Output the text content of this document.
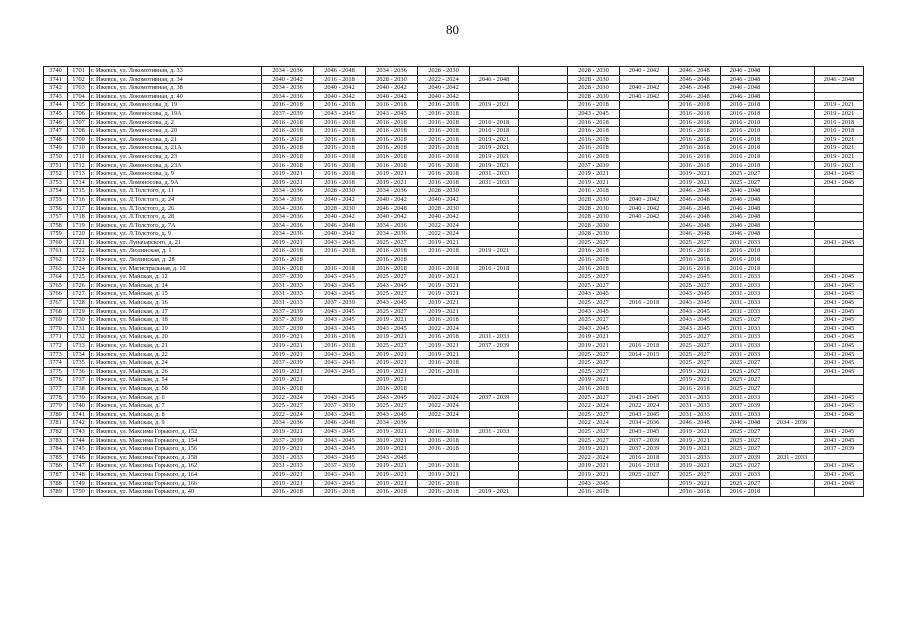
80
3740	1701	г. Ижевск, ул. Локомотивная, д. 33	2034 - 2036	2046 - 2048	2034 - 2036	2028 - 2030			2028 - 2030	2040 - 2042	2046 - 2048	2046 - 2048		
3741	1702	г. Ижевск, ул. Локомотивная, д. 34	2040 - 2042	2016 - 2018	2028 - 2030	2022 - 2024	2046 - 2048		2028 - 2030		2046 - 2048	2046 - 2048		2046 - 2048
3742	1703	г. Ижевск, ул. Локомотивная, д. 38	2034 - 2036	2040 - 2042	2040 - 2042	2040 - 2042			2028 - 2030	2040 - 2042	2046 - 2048	2046 - 2048		
3743	1704	г. Ижевск, ул. Локомотивная, д. 40	2034 - 2036	2040 - 2042	2040 - 2042	2040 - 2042			2028 - 2030	2040 - 2042	2046 - 2048	2046 - 2048		
3744	1705	г. Ижевск, ул. Ломоносова, д. 19	2016 - 2018	2016 - 2018	2016 - 2018	2016 - 2018	2019 - 2021		2016 - 2018		2016 - 2018	2016 - 2018		2019 - 2021
3745	1706	г. Ижевск, ул. Ломоносова, д. 19А	2037 - 2039	2043 - 2045	2043 - 2045	2016 - 2018			2043 - 2045		2016 - 2018	2016 - 2018		2019 - 2021
3746	1707	г. Ижевск, ул. Ломоносова, д. 2	2016 - 2018	2016 - 2018	2016 - 2018	2016 - 2018	2016 - 2018		2016 - 2018		2016 - 2018	2016 - 2018		2016 - 2018
3747	1708	г. Ижевск, ул. Ломоносова, д. 20	2016 - 2018	2016 - 2018	2016 - 2018	2016 - 2018	2016 - 2018		2016 - 2018		2016 - 2018	2016 - 2018		2016 - 2018
3748	1709	г. Ижевск, ул. Ломоносова, д. 21	2016 - 2018	2016 - 2018	2016 - 2018	2016 - 2018	2019 - 2021		2016 - 2018		2016 - 2018	2016 - 2018		2019 - 2021
3749	1710	г. Ижевск, ул. Ломоносова, д. 21А	2016 - 2018	2016 - 2018	2016 - 2018	2016 - 2018	2019 - 2021		2016 - 2018		2016 - 2018	2016 - 2018		2019 - 2021
3750	1711	г. Ижевск, ул. Ломоносова, д. 23	2016 - 2018	2016 - 2018	2016 - 2018	2016 - 2018	2019 - 2021		2016 - 2018		2016 - 2018	2016 - 2018		2019 - 2021
3751	1712	г. Ижевск, ул. Ломоносова, д. 23А	2016 - 2018	2016 - 2018	2016 - 2018	2016 - 2018	2019 - 2021		2037 - 2039		2016 - 2018	2016 - 2018		2019 - 2021
3752	1713	г. Ижевск, ул. Ломоносова, д. 9	2019 - 2021	2016 - 2018	2019 - 2021	2016 - 2018	2031 - 2033		2019 - 2021		2019 - 2021	2025 - 2027		2043 - 2045
3753	1714	г. Ижевск, ул. Ломоносова, д. 9А	2019 - 2021	2016 - 2018	2019 - 2021	2016 - 2018	2031 - 2033		2019 - 2021		2019 - 2021	2025 - 2027		2043 - 2045
3754	1715	г. Ижевск, ул. Л.Толстого, д. 11	2034 - 2036	2028 - 2030	2034 - 2036	2028 - 2030			2016 - 2018		2046 - 2048	2046 - 2048		
3755	1716	г. Ижевск, ул. Л.Толстого, д. 24	2034 - 2036	2040 - 2042	2040 - 2042	2040 - 2042			2028 - 2030	2040 - 2042	2046 - 2048	2046 - 2048		
3756	1717	г. Ижевск, ул. Л.Толстого, д. 26	2034 - 2036	2028 - 2030	2046 - 2048	2028 - 2030			2028 - 2030	2040 - 2042	2046 - 2048	2046 - 2048		
3757	1718	г. Ижевск, ул. Л.Толстого, д. 28	2034 - 2036	2040 - 2042	2040 - 2042	2040 - 2042			2028 - 2030	2040 - 2042	2046 - 2048	2046 - 2048		
3758	1719	г. Ижевск, ул. Л.Толстого, д. 7А	2034 - 2036	2046 - 2048	2034 - 2036	2022 - 2024			2028 - 2030		2046 - 2048	2046 - 2048		
3759	1720	г. Ижевск, ул. Л.Толстого, д. 9	2034 - 2036	2040 - 2042	2034 - 2036	2022 - 2024			2028 - 2030		2046 - 2048	2046 - 2048		
3760	1721	г. Ижевск, ул. Луначарского, д. 21	2019 - 2021	2043 - 2045	2025 - 2027	2019 - 2021			2025 - 2027		2025 - 2027	2031 - 2033		2043 - 2045
3761	1722	г. Ижевск, ул. Люлинская, д. 1	2016 - 2018	2016 - 2018	2016 - 2018	2016 - 2018	2019 - 2021		2016 - 2018		2016 - 2018	2016 - 2018		
3762	1723	г. Ижевск, ул. Люлинская, д. 28	2016 - 2018		2016 - 2018				2016 - 2018		2016 - 2018	2016 - 2018		
3763	1724	г. Ижевск, ул. Магистральная, д. 10	2016 - 2018	2016 - 2018	2016 - 2018	2016 - 2018	2016 - 2018		2016 - 2018		2016 - 2018	2016 - 2018		
3764	1725	г. Ижевск, ул. Майская, д. 12	2037 - 2039	2043 - 2045	2025 - 2027	2019 - 2021			2025 - 2027		2043 - 2045	2031 - 2033		2043 - 2045
3765	1726	г. Ижевск, ул. Майская, д. 14	2031 - 2033	2043 - 2045	2043 - 2045	2019 - 2021			2025 - 2027		2025 - 2027	2031 - 2033		2043 - 2045
3766	1727	г. Ижевск, ул. Майская, д. 15	2031 - 2033	2043 - 2045	2025 - 2027	2019 - 2021			2043 - 2045		2043 - 2045	2031 - 2033		2043 - 2045
3767	1728	г. Ижевск, ул. Майская, д. 16	2031 - 2033	2037 - 2039	2043 - 2045	2019 - 2021			2025 - 2027	2016 - 2018	2043 - 2045	2031 - 2033		2043 - 2045
3768	1729	г. Ижевск, ул. Майская, д. 17	2037 - 2039	2043 - 2045	2025 - 2027	2019 - 2021			2043 - 2045		2043 - 2045	2031 - 2033		2043 - 2045
3769	1730	г. Ижевск, ул. Майская, д. 18	2037 - 2039	2043 - 2045	2019 - 2021	2016 - 2018			2025 - 2027		2043 - 2045	2025 - 2027		2043 - 2045
3770	1731	г. Ижевск, ул. Майская, д. 19	2037 - 2039	2043 - 2045	2043 - 2045	2022 - 2024			2043 - 2045		2043 - 2045	2031 - 2033		2043 - 2045
3771	1732	г. Ижевск, ул. Майская, д. 20	2019 - 2021	2016 - 2018	2019 - 2021	2016 - 2018	2031 - 2033		2019 - 2021		2025 - 2027	2031 - 2033		2043 - 2045
3772	1733	г. Ижевск, ул. Майская, д. 21	2019 - 2021	2016 - 2018	2025 - 2027	2019 - 2021	2037 - 2039		2019 - 2021	2016 - 2018	2025 - 2027	2031 - 2033		2043 - 2045
3773	1734	г. Ижевск, ул. Майская, д. 22	2019 - 2021	2043 - 2045	2019 - 2021	2019 - 2021			2025 - 2027	2014 - 2015	2025 - 2027	2031 - 2033		2043 - 2045
3774	1735	г. Ижевск, ул. Майская, д. 24	2037 - 2039	2043 - 2045	2019 - 2021	2016 - 2018			2025 - 2027		2025 - 2027	2025 - 2027		2043 - 2045
3775	1736	г. Ижевск, ул. Майская, д. 26	2019 - 2021	2043 - 2045	2019 - 2021	2016 - 2018			2025 - 2027		2019 - 2021	2025 - 2027		2043 - 2045
3776	1737	г. Ижевск, ул. Майская, д. 54	2019 - 2021		2019 - 2021				2019 - 2021		2019 - 2021	2025 - 2027		
3777	1738	г. Ижевск, ул. Майская, д. 58	2016 - 2018		2016 - 2018				2016 - 2018		2016 - 2018	2025 - 2027		
3778	1739	г. Ижевск, ул. Майская, д. 6	2022 - 2024	2043 - 2045	2043 - 2045	2022 - 2024	2037 - 2039		2025 - 2027	2043 - 2045	2031 - 2033	2031 - 2033		2043 - 2045
3779	1740	г. Ижевск, ул. Майская, д. 7	2025 - 2027	2037 - 2039	2025 - 2027	2022 - 2024			2022 - 2024	2022 - 2024	2031 - 2033	2037 - 2039		2043 - 2045
3780	1741	г. Ижевск, ул. Майская, д. 8	2022 - 2024	2043 - 2045	2043 - 2045	2022 - 2024			2025 - 2027	2043 - 2045	2031 - 2033	2031 - 2033		2043 - 2045
3781	1742	г. Ижевск, ул. Майская, д. 9	2034 - 2036	2046 - 2048	2034 - 2036				2022 - 2024	2034 - 2036	2046 - 2048	2046 - 2048	2034 - 2036	
3782	1743	г. Ижевск, ул. Максима Горького, д. 152	2019 - 2021	2043 - 2045	2019 - 2021	2016 - 2018	2031 - 2033		2025 - 2027	2043 - 2045	2019 - 2021	2025 - 2027		2043 - 2045
3783	1744	г. Ижевск, ул. Максима Горького, д. 154	2037 - 2039	2043 - 2045	2019 - 2021	2016 - 2018			2025 - 2027	2037 - 2039	2019 - 2021	2025 - 2027		2043 - 2045
3784	1745	г. Ижевск, ул. Максима Горького, д. 156	2019 - 2021	2043 - 2045	2019 - 2021	2016 - 2018			2019 - 2021	2037 - 2039	2019 - 2021	2025 - 2027		2037 - 2039
3785	1746	г. Ижевск, ул. Максима Горького, д. 158	2031 - 2033	2043 - 2045	2043 - 2045				2022 - 2024	2016 - 2018	2031 - 2033	2037 - 2039	2031 - 2033	
3786	1747	г. Ижевск, ул. Максима Горького, д. 162	2031 - 2033	2037 - 2039	2019 - 2021	2016 - 2018			2019 - 2021	2016 - 2018	2019 - 2021	2025 - 2027		2043 - 2045
3787	1748	г. Ижевск, ул. Максима Горького, д. 164	2019 - 2021	2043 - 2045	2019 - 2021	2019 - 2021			2019 - 2021	2025 - 2027	2025 - 2027	2031 - 2033		2043 - 2045
3788	1749	г. Ижевск, ул. Максима Горького, д. 166	2019 - 2021	2043 - 2045	2019 - 2021	2016 - 2018			2043 - 2045		2019 - 2021	2025 - 2027		2043 - 2045
3789	1750	г. Ижевск, ул. Максима Горького, д. 40	2016 - 2018	2016 - 2018	2016 - 2018	2016 - 2018	2019 - 2021		2016 - 2018		2016 - 2018	2016 - 2018		
